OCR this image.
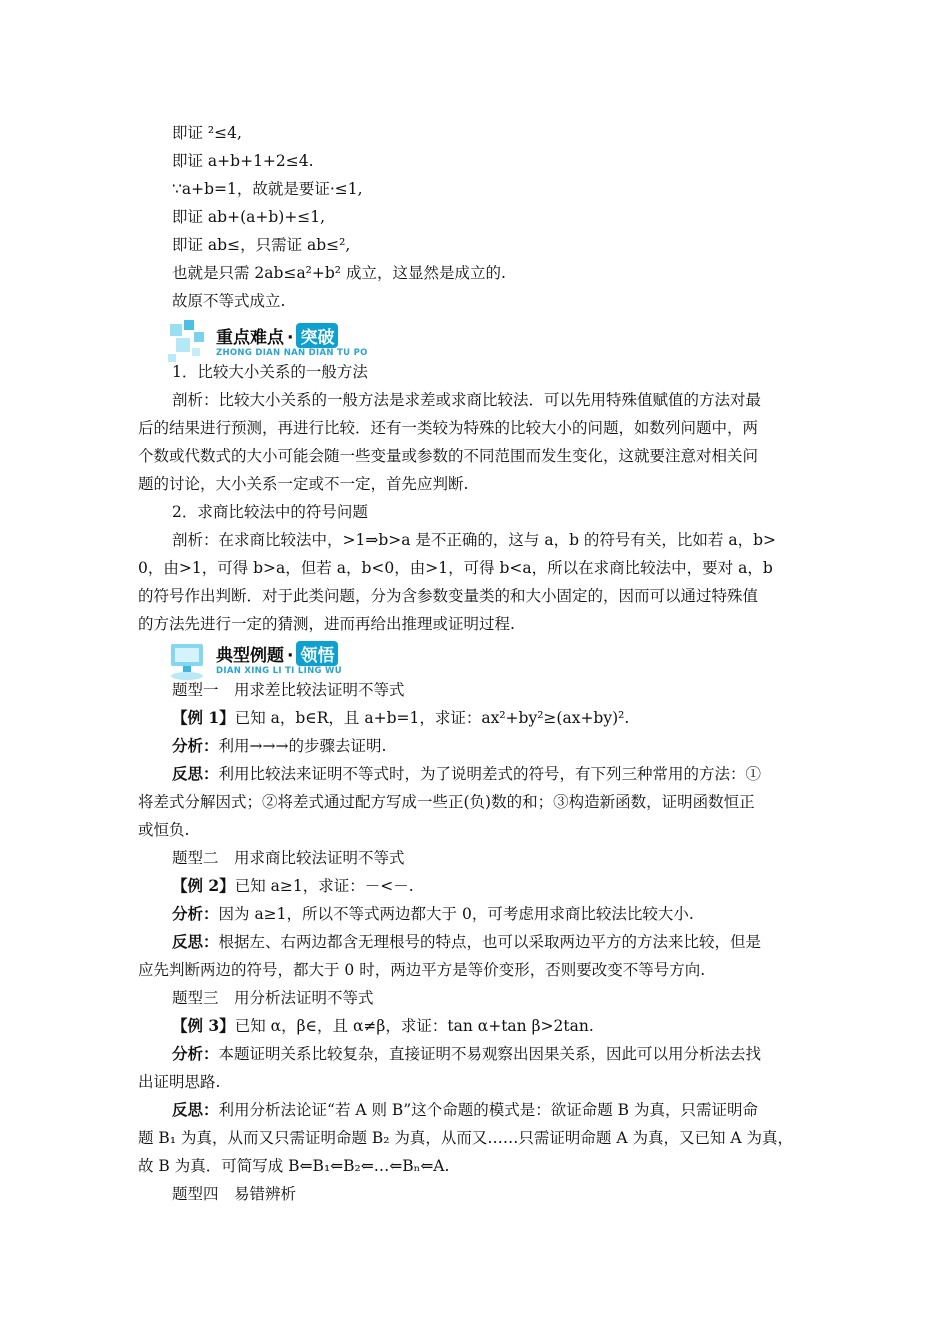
即证 ²≤4,
即证 a+b+1+2≤4.
∵a+b=1，故就是要证·≤1,
即证 ab+(a+b)+≤1,
即证 ab≤，只需证 ab≤²,
也就是只需 2ab≤a²+b² 成立，这显然是成立的.
故原不等式成立.
重点难点 · 突破
ZHONG DIAN NAN DIAN TU PO
1．比较大小关系的一般方法
剖析：比较大小关系的一般方法是求差或求商比较法．可以先用特殊值赋值的方法对最
后的结果进行预测，再进行比较．还有一类较为特殊的比较大小的问题，如数列问题中，两
个数或代数式的大小可能会随一些变量或参数的不同范围而发生变化，这就要注意对相关问
题的讨论，大小关系一定或不一定，首先应判断.
2．求商比较法中的符号问题
剖析：在求商比较法中，>1⇒b>a 是不正确的，这与 a，b 的符号有关，比如若 a，b>
0，由>1，可得 b>a，但若 a，b<0，由>1，可得 b<a，所以在求商比较法中，要对 a，b
的符号作出判断．对于此类问题，分为含参数变量类的和大小固定的，因而可以通过特殊值
的方法先进行一定的猜测，进而再给出推理或证明过程.
典型例题 · 领悟
DIAN XING LI TI LING WU
题型一　用求差比较法证明不等式
【例 1】已知 a，b∈R，且 a+b=1，求证：ax²+by²≥(ax+by)².
分析：利用→→→的步骤去证明.
反思：利用比较法来证明不等式时，为了说明差式的符号，有下列三种常用的方法：①
将差式分解因式；②将差式通过配方写成一些正(负)数的和；③构造新函数，证明函数恒正
或恒负.
题型二　用求商比较法证明不等式
【例 2】已知 a≥1，求证：－<－.
分析：因为 a≥1，所以不等式两边都大于 0，可考虑用求商比较法比较大小.
反思：根据左、右两边都含无理根号的特点，也可以采取两边平方的方法来比较，但是
应先判断两边的符号，都大于 0 时，两边平方是等价变形，否则要改变不等号方向.
题型三　用分析法证明不等式
【例 3】已知 α，β∈，且 α≠β，求证：tan α+tan β>2tan.
分析：本题证明关系比较复杂，直接证明不易观察出因果关系，因此可以用分析法去找
出证明思路.
反思：利用分析法论证“若 A 则 B”这个命题的模式是：欲证命题 B 为真，只需证明命
题 B₁ 为真，从而又只需证明命题 B₂ 为真，从而又……只需证明命题 A 为真，又已知 A 为真，
故 B 为真．可简写成 B⇐B₁⇐B₂⇐…⇐Bₙ⇐A.
题型四　易错辨析
